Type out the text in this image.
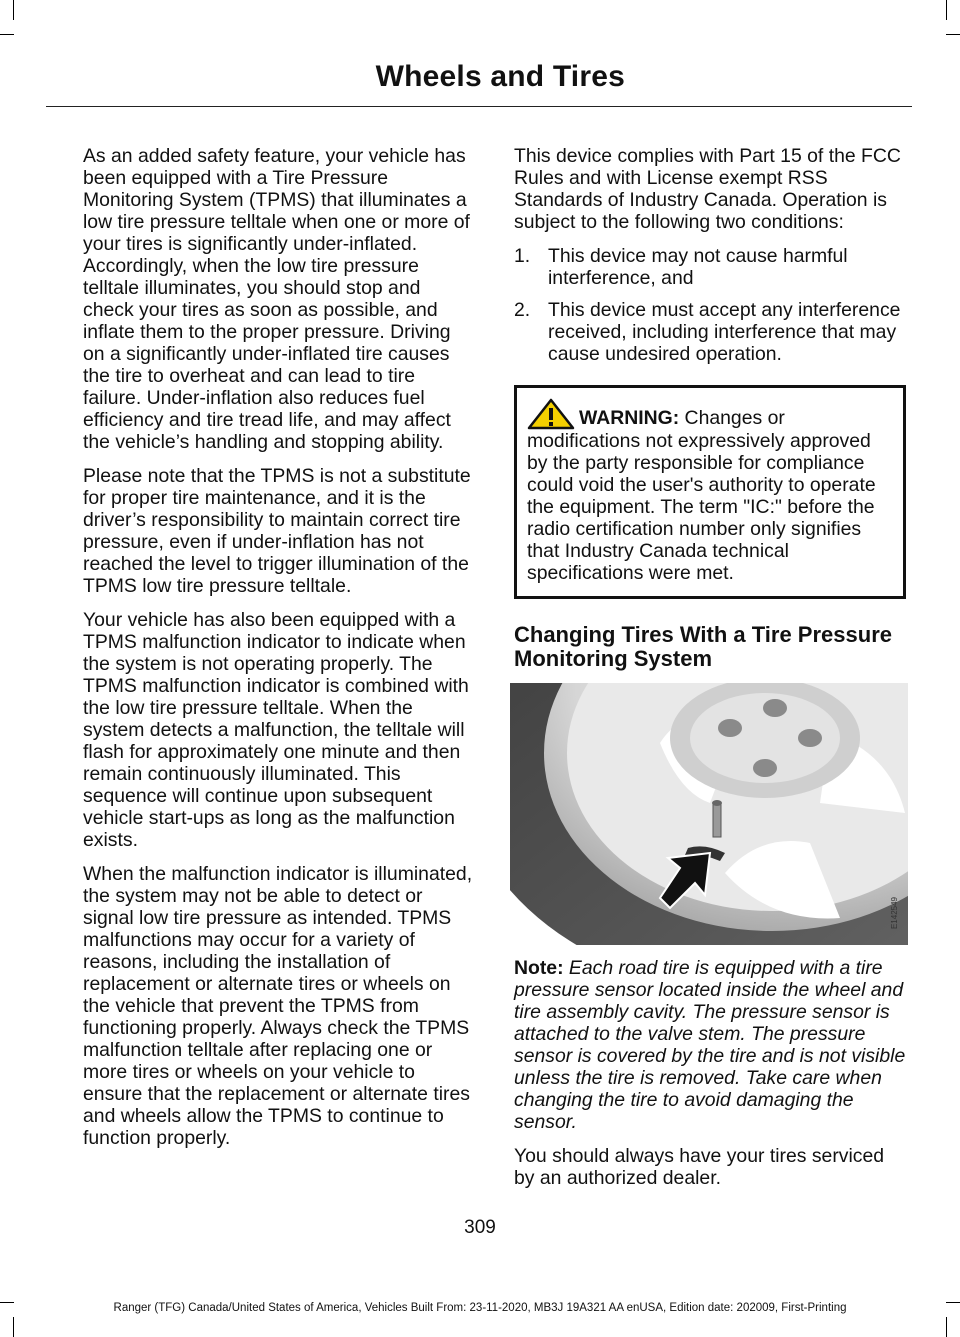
Wheels and Tires

As an added safety feature, your vehicle has been equipped with a Tire Pressure Monitoring System (TPMS) that illuminates a low tire pressure telltale when one or more of your tires is significantly under-inflated. Accordingly, when the low tire pressure telltale illuminates, you should stop and check your tires as soon as possible, and inflate them to the proper pressure. Driving on a significantly under-inflated tire causes the tire to overheat and can lead to tire failure. Under-inflation also reduces fuel efficiency and tire tread life, and may affect the vehicle’s handling and stopping ability.

Please note that the TPMS is not a substitute for proper tire maintenance, and it is the driver’s responsibility to maintain correct tire pressure, even if under-inflation has not reached the level to trigger illumination of the TPMS low tire pressure telltale.

Your vehicle has also been equipped with a TPMS malfunction indicator to indicate when the system is not operating properly. The TPMS malfunction indicator is combined with the low tire pressure telltale. When the system detects a malfunction, the telltale will flash for approximately one minute and then remain continuously illuminated. This sequence will continue upon subsequent vehicle start-ups as long as the malfunction exists.

When the malfunction indicator is illuminated, the system may not be able to detect or signal low tire pressure as intended. TPMS malfunctions may occur for a variety of reasons, including the installation of replacement or alternate tires or wheels on the vehicle that prevent the TPMS from functioning properly. Always check the TPMS malfunction telltale after replacing one or more tires or wheels on your vehicle to ensure that the replacement or alternate tires and wheels allow the TPMS to continue to function properly.

This device complies with Part 15 of the FCC Rules and with License exempt RSS Standards of Industry Canada. Operation is subject to the following two conditions:

1. This device may not cause harmful interference, and
2. This device must accept any interference received, including interference that may cause undesired operation.
WARNING: Changes or modifications not expressively approved by the party responsible for compliance could void the user's authority to operate the equipment. The term "IC:" before the radio certification number only signifies that Industry Canada technical specifications were met.
Changing Tires With a Tire Pressure Monitoring System
E142549

Note: Each road tire is equipped with a tire pressure sensor located inside the wheel and tire assembly cavity. The pressure sensor is attached to the valve stem. The pressure sensor is covered by the tire and is not visible unless the tire is removed. Take care when changing the tire to avoid damaging the sensor.

You should always have your tires serviced by an authorized dealer.

309
Ranger (TFG) Canada/United States of America, Vehicles Built From: 23-11-2020, MB3J 19A321 AA enUSA, Edition date: 202009, First-Printing
